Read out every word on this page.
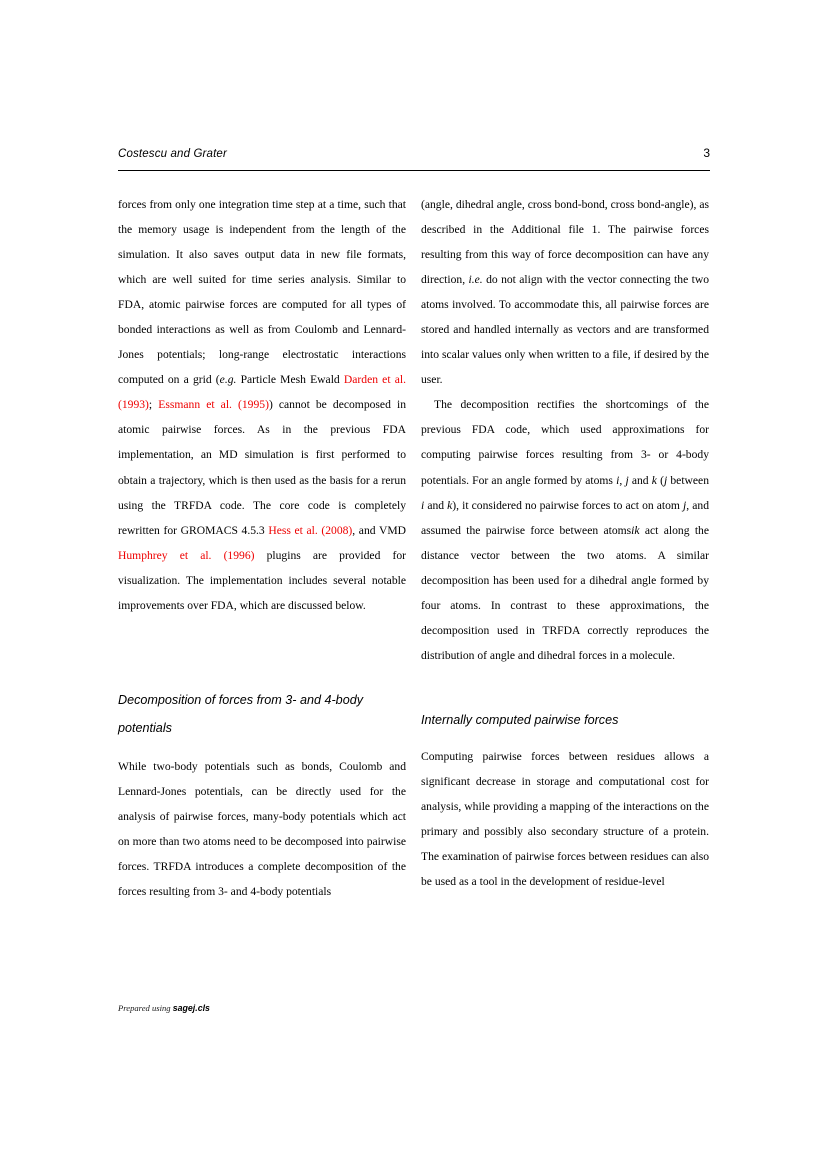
Costescu and Grater	3

forces from only one integration time step at a time, such that the memory usage is independent from the length of the simulation. It also saves output data in new file formats, which are well suited for time series analysis. Similar to FDA, atomic pairwise forces are computed for all types of bonded interactions as well as from Coulomb and Lennard-Jones potentials; long-range electrostatic interactions computed on a grid (e.g. Particle Mesh Ewald Darden et al. (1993); Essmann et al. (1995)) cannot be decomposed in atomic pairwise forces. As in the previous FDA implementation, an MD simulation is first performed to obtain a trajectory, which is then used as the basis for a rerun using the TRFDA code. The core code is completely rewritten for GROMACS 4.5.3 Hess et al. (2008), and VMD Humphrey et al. (1996) plugins are provided for visualization. The implementation includes several notable improvements over FDA, which are discussed below.

Decomposition of forces from 3- and 4-body potentials

While two-body potentials such as bonds, Coulomb and Lennard-Jones potentials, can be directly used for the analysis of pairwise forces, many-body potentials which act on more than two atoms need to be decomposed into pairwise forces. TRFDA introduces a complete decomposition of the forces resulting from 3- and 4-body potentials

(angle, dihedral angle, cross bond-bond, cross bond-angle), as described in the Additional file 1. The pairwise forces resulting from this way of force decomposition can have any direction, i.e. do not align with the vector connecting the two atoms involved. To accommodate this, all pairwise forces are stored and handled internally as vectors and are transformed into scalar values only when written to a file, if desired by the user.

The decomposition rectifies the shortcomings of the previous FDA code, which used approximations for computing pairwise forces resulting from 3- or 4-body potentials. For an angle formed by atoms i, j and k (j between i and k), it considered no pairwise forces to act on atom j, and assumed the pairwise force between atomsik act along the distance vector between the two atoms. A similar decomposition has been used for a dihedral angle formed by four atoms. In contrast to these approximations, the decomposition used in TRFDA correctly reproduces the distribution of angle and dihedral forces in a molecule.

Internally computed pairwise forces

Computing pairwise forces between residues allows a significant decrease in storage and computational cost for analysis, while providing a mapping of the interactions on the primary and possibly also secondary structure of a protein. The examination of pairwise forces between residues can also be used as a tool in the development of residue-level

Prepared using sagej.cls
